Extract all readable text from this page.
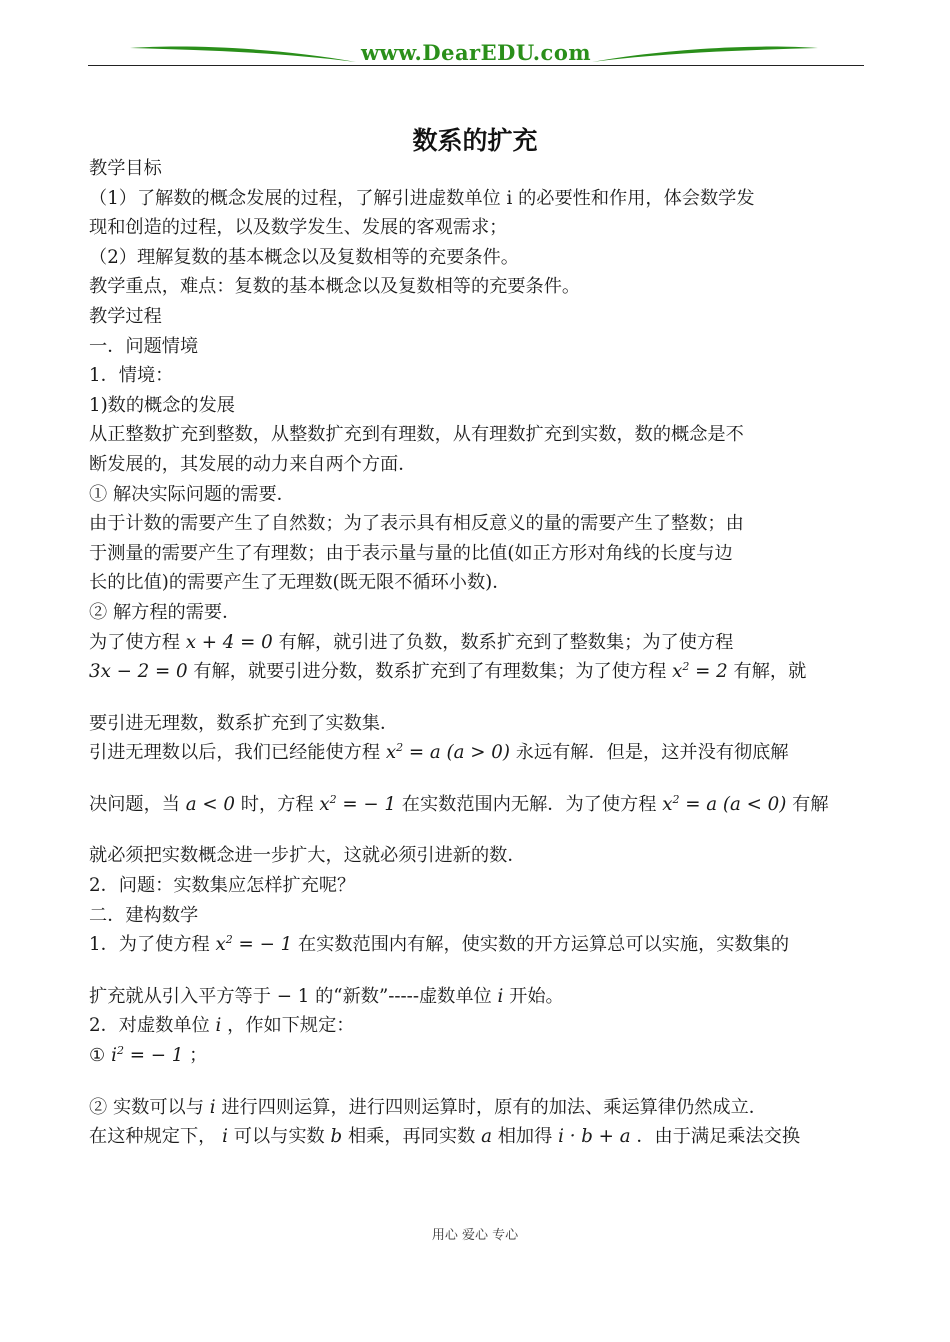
www.DearEDU.com
数系的扩充

教学目标

（1）了解数的概念发展的过程，了解引进虚数单位 i 的必要性和作用，体会数学发

现和创造的过程，以及数学发生、发展的客观需求；

（2）理解复数的基本概念以及复数相等的充要条件。

教学重点，难点：复数的基本概念以及复数相等的充要条件。

教学过程

一．问题情境

1．情境：

1)数的概念的发展

从正整数扩充到整数，从整数扩充到有理数，从有理数扩充到实数，数的概念是不

断发展的，其发展的动力来自两个方面．

① 解决实际问题的需要．

由于计数的需要产生了自然数；为了表示具有相反意义的量的需要产生了整数；由

于测量的需要产生了有理数；由于表示量与量的比值(如正方形对角线的长度与边

长的比值)的需要产生了无理数(既无限不循环小数)．

② 解方程的需要．

为了使方程 x + 4 = 0 有解，就引进了负数，数系扩充到了整数集；为了使方程

3x − 2 = 0 有解，就要引进分数，数系扩充到了有理数集；为了使方程 $x^2 = 2$ 有解，就

要引进无理数，数系扩充到了实数集．

引进无理数以后，我们已经能使方程 $x^2 = a$ (a > 0) 永远有解．但是，这并没有彻底解

决问题，当 a < 0 时，方程 $x^2$ = − 1 在实数范围内无解．为了使方程 $x^2 = a$ (a < 0) 有解

就必须把实数概念进一步扩大，这就必须引进新的数．

2．问题：实数集应怎样扩充呢？

二．建构数学

1．为了使方程 $x^2$ = − 1 在实数范围内有解，使实数的开方运算总可以实施，实数集的

扩充就从引入平方等于 − 1 的“新数”-----虚数单位 i 开始。

2．对虚数单位 i ，作如下规定：

① $i^2$ = − 1 ；

② 实数可以与 i 进行四则运算，进行四则运算时，原有的加法、乘运算律仍然成立．

在这种规定下， i 可以与实数 b 相乘，再同实数 a 相加得 i · b + a ．由于满足乘法交换

用心 爱心 专心
